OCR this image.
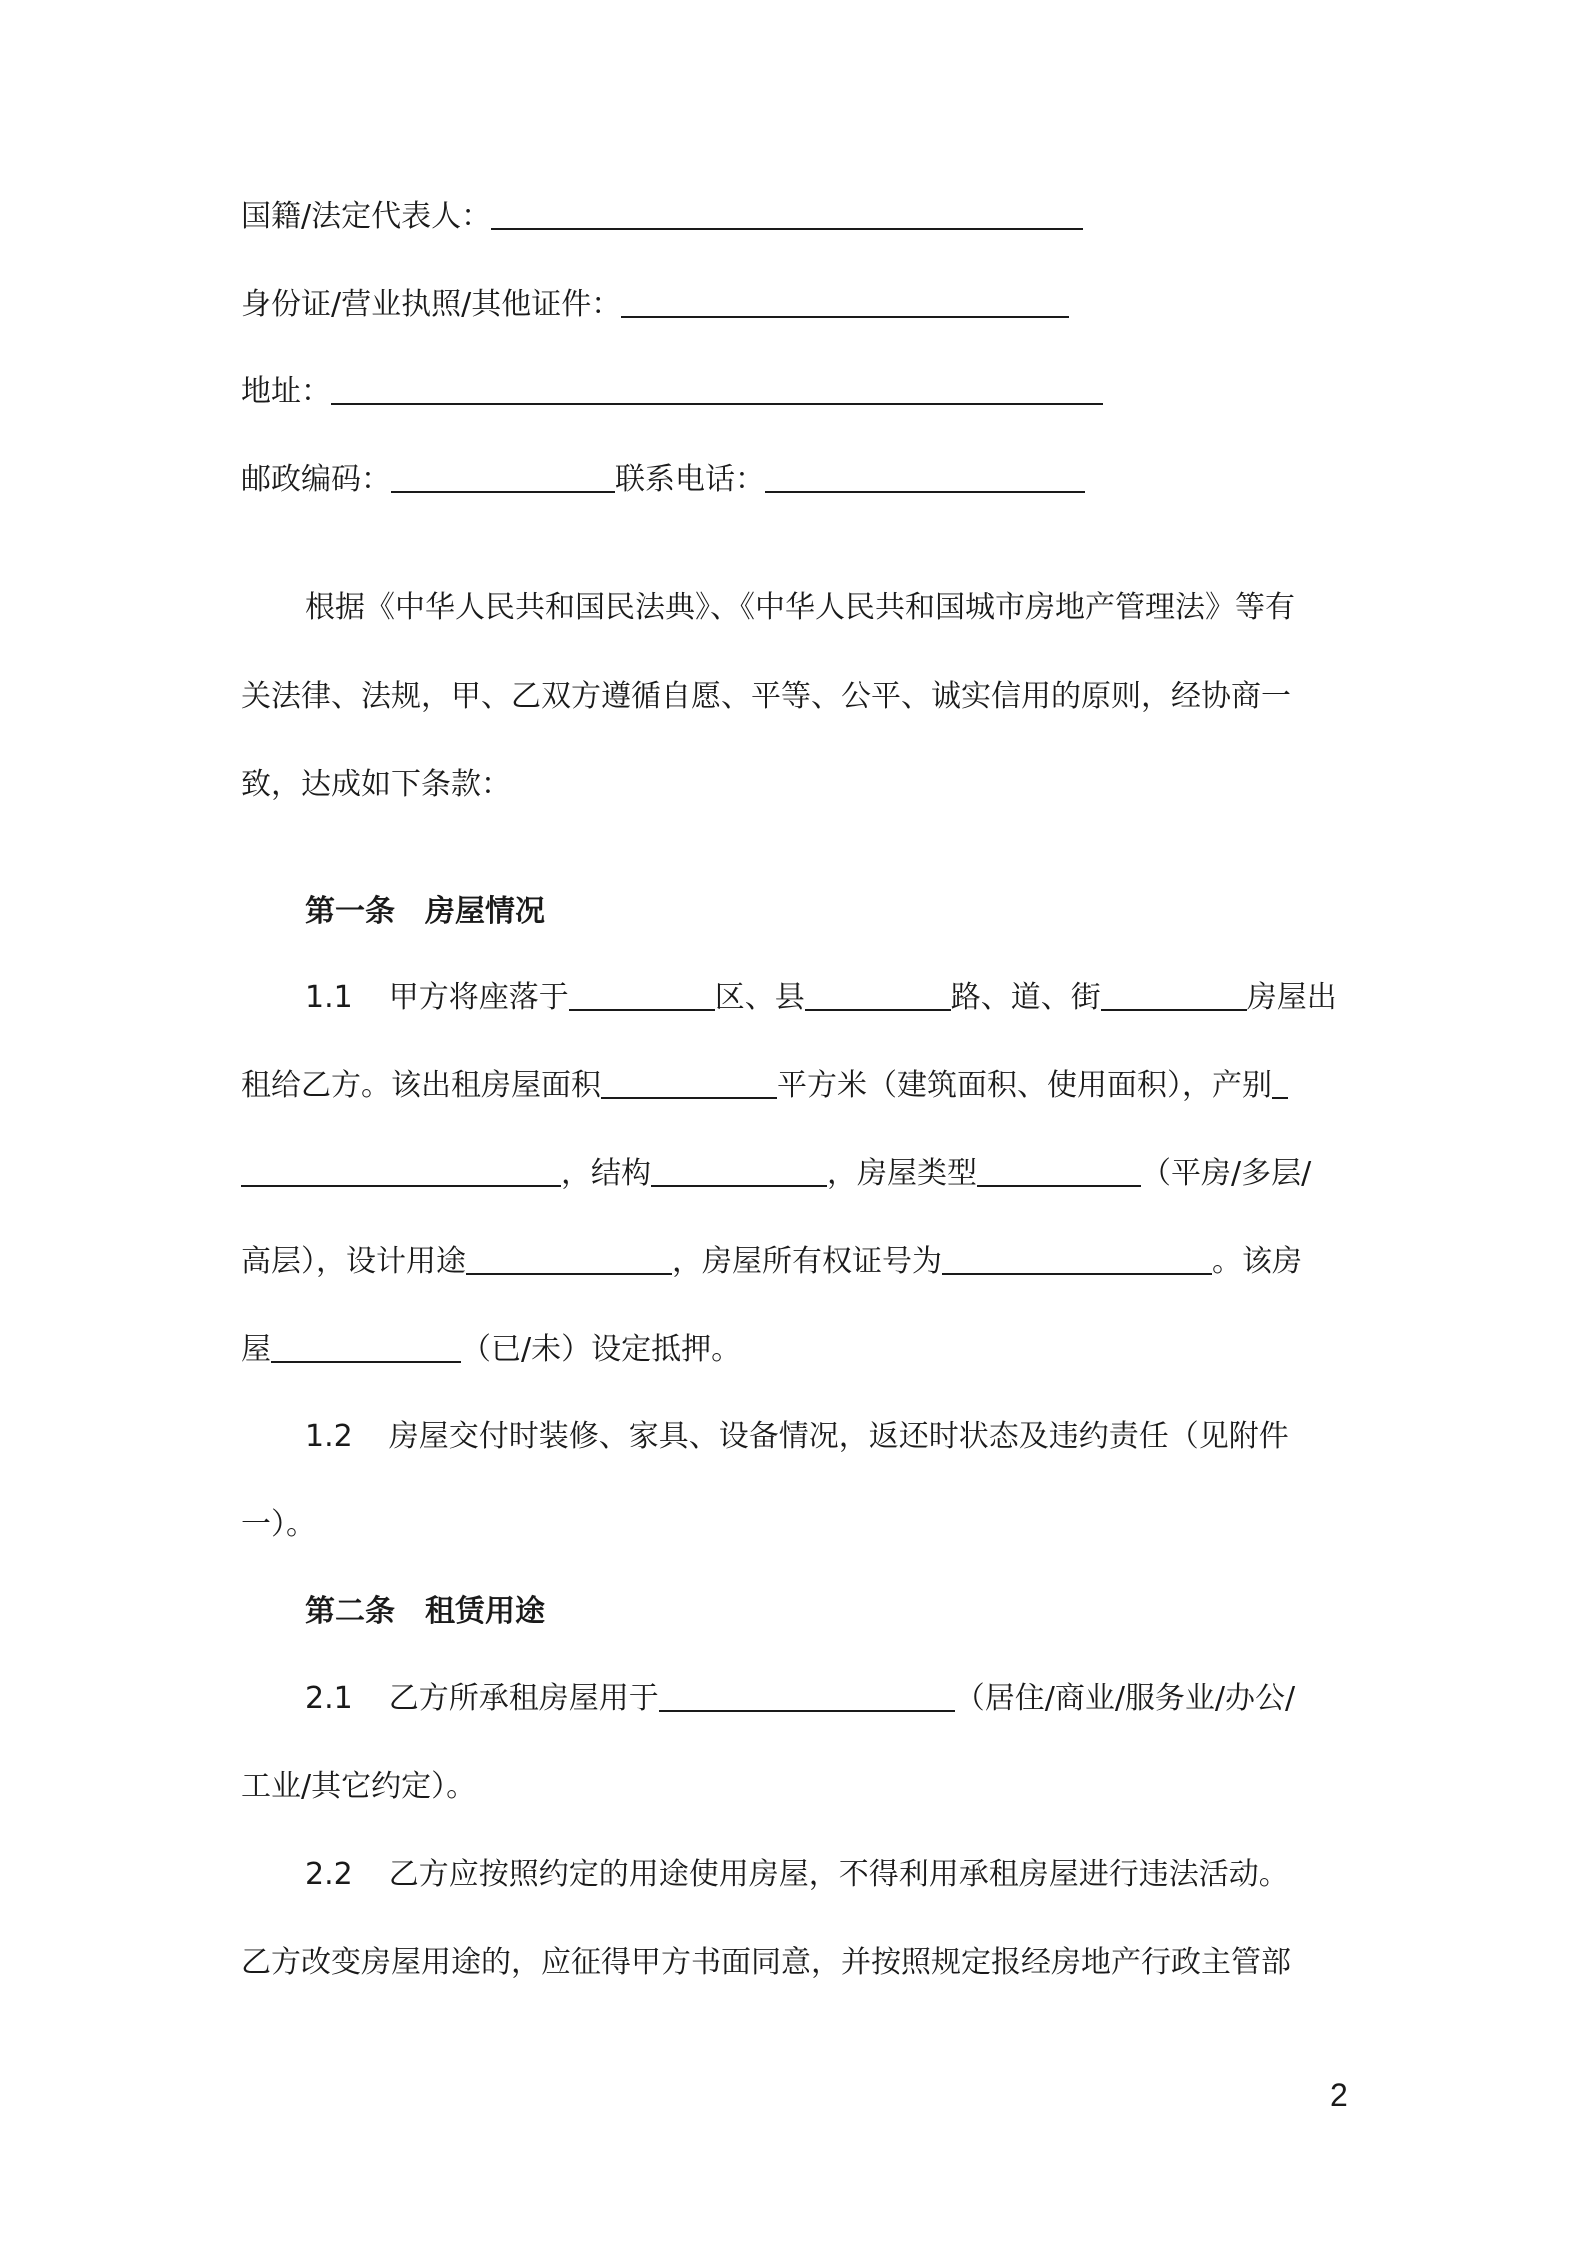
国籍/法定代表人：
身份证/营业执照/其他证件：
地址：
邮政编码：	联系电话：
根据《中华人民共和国民法典》、《中华人民共和国城市房地产管理法》等有
关法律、法规，甲、乙双方遵循自愿、平等、公平、诚实信用的原则，经协商一
致，达成如下条款：
第一条　房屋情况
1.1 甲方将座落于	区、县	路、道、街	房屋出
租给乙方。该出租房屋面积	平方米（建筑面积、使用面积），产别
，结构	，房屋类型	（平房/多层/
高层），设计用途	，房屋所有权证号为	。该房
屋	（已/未）设定抵押。
1.2 房屋交付时装修、家具、设备情况，返还时状态及违约责任（见附件
一）。
第二条　租赁用途
2.1 乙方所承租房屋用于	（居住/商业/服务业/办公/
工业/其它约定）。
2.2 乙方应按照约定的用途使用房屋，不得利用承租房屋进行违法活动。
乙方改变房屋用途的，应征得甲方书面同意，并按照规定报经房地产行政主管部
2
